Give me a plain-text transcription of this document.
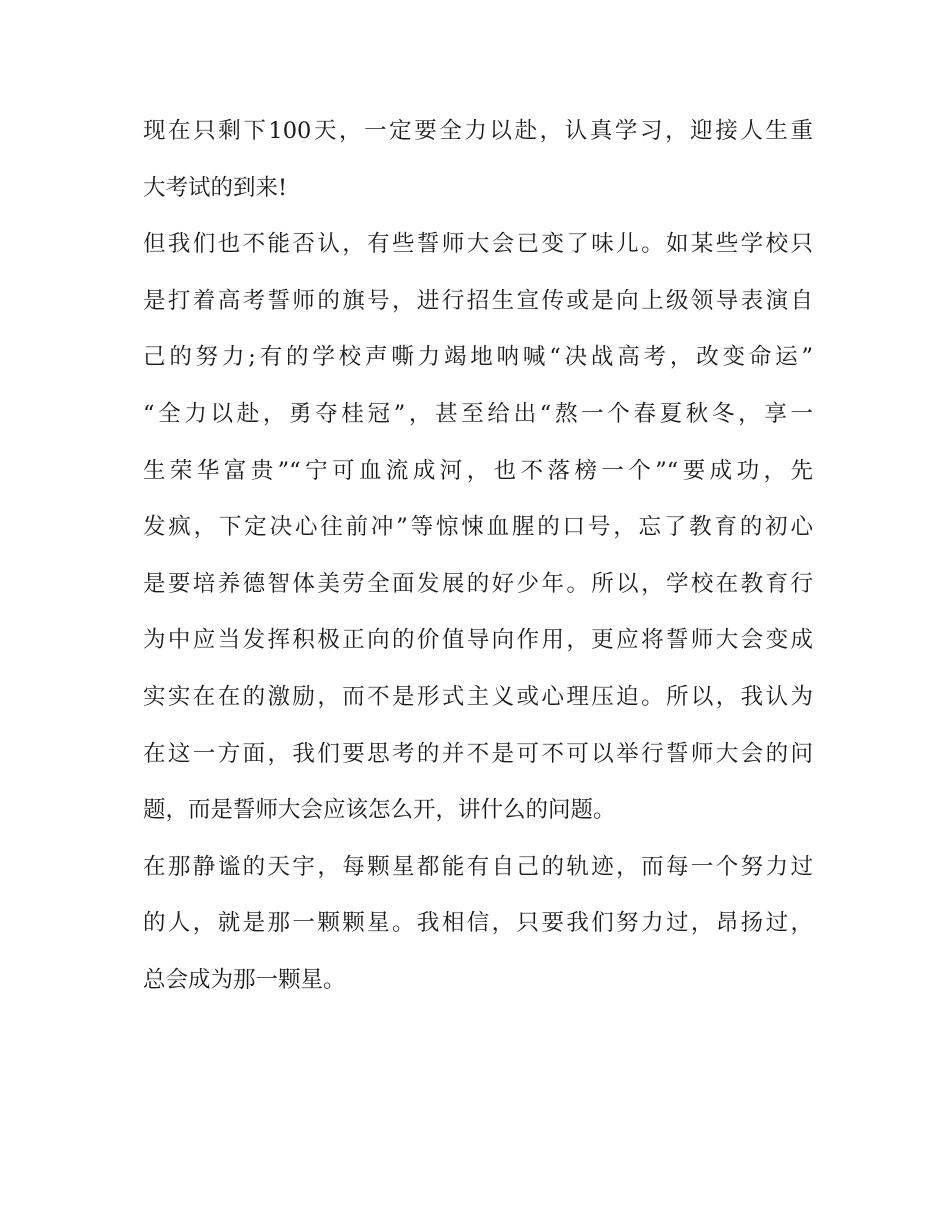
现在只剩下100天，一定要全力以赴，认真学习，迎接人生重
大考试的到来!
但我们也不能否认，有些誓师大会已变了味儿。如某些学校只
是打着高考誓师的旗号，进行招生宣传或是向上级领导表演自
己的努力;有的学校声嘶力竭地呐喊“决战高考，改变命运”
“全力以赴，勇夺桂冠”，甚至给出“熬一个春夏秋冬，享一
生荣华富贵”“宁可血流成河，也不落榜一个”“要成功，先
发疯，下定决心往前冲”等惊悚血腥的口号，忘了教育的初心
是要培养德智体美劳全面发展的好少年。所以，学校在教育行
为中应当发挥积极正向的价值导向作用，更应将誓师大会变成
实实在在的激励，而不是形式主义或心理压迫。所以，我认为
在这一方面，我们要思考的并不是可不可以举行誓师大会的问
题，而是誓师大会应该怎么开，讲什么的问题。
在那静谧的天宇，每颗星都能有自己的轨迹，而每一个努力过
的人，就是那一颗颗星。我相信，只要我们努力过，昂扬过，
总会成为那一颗星。
